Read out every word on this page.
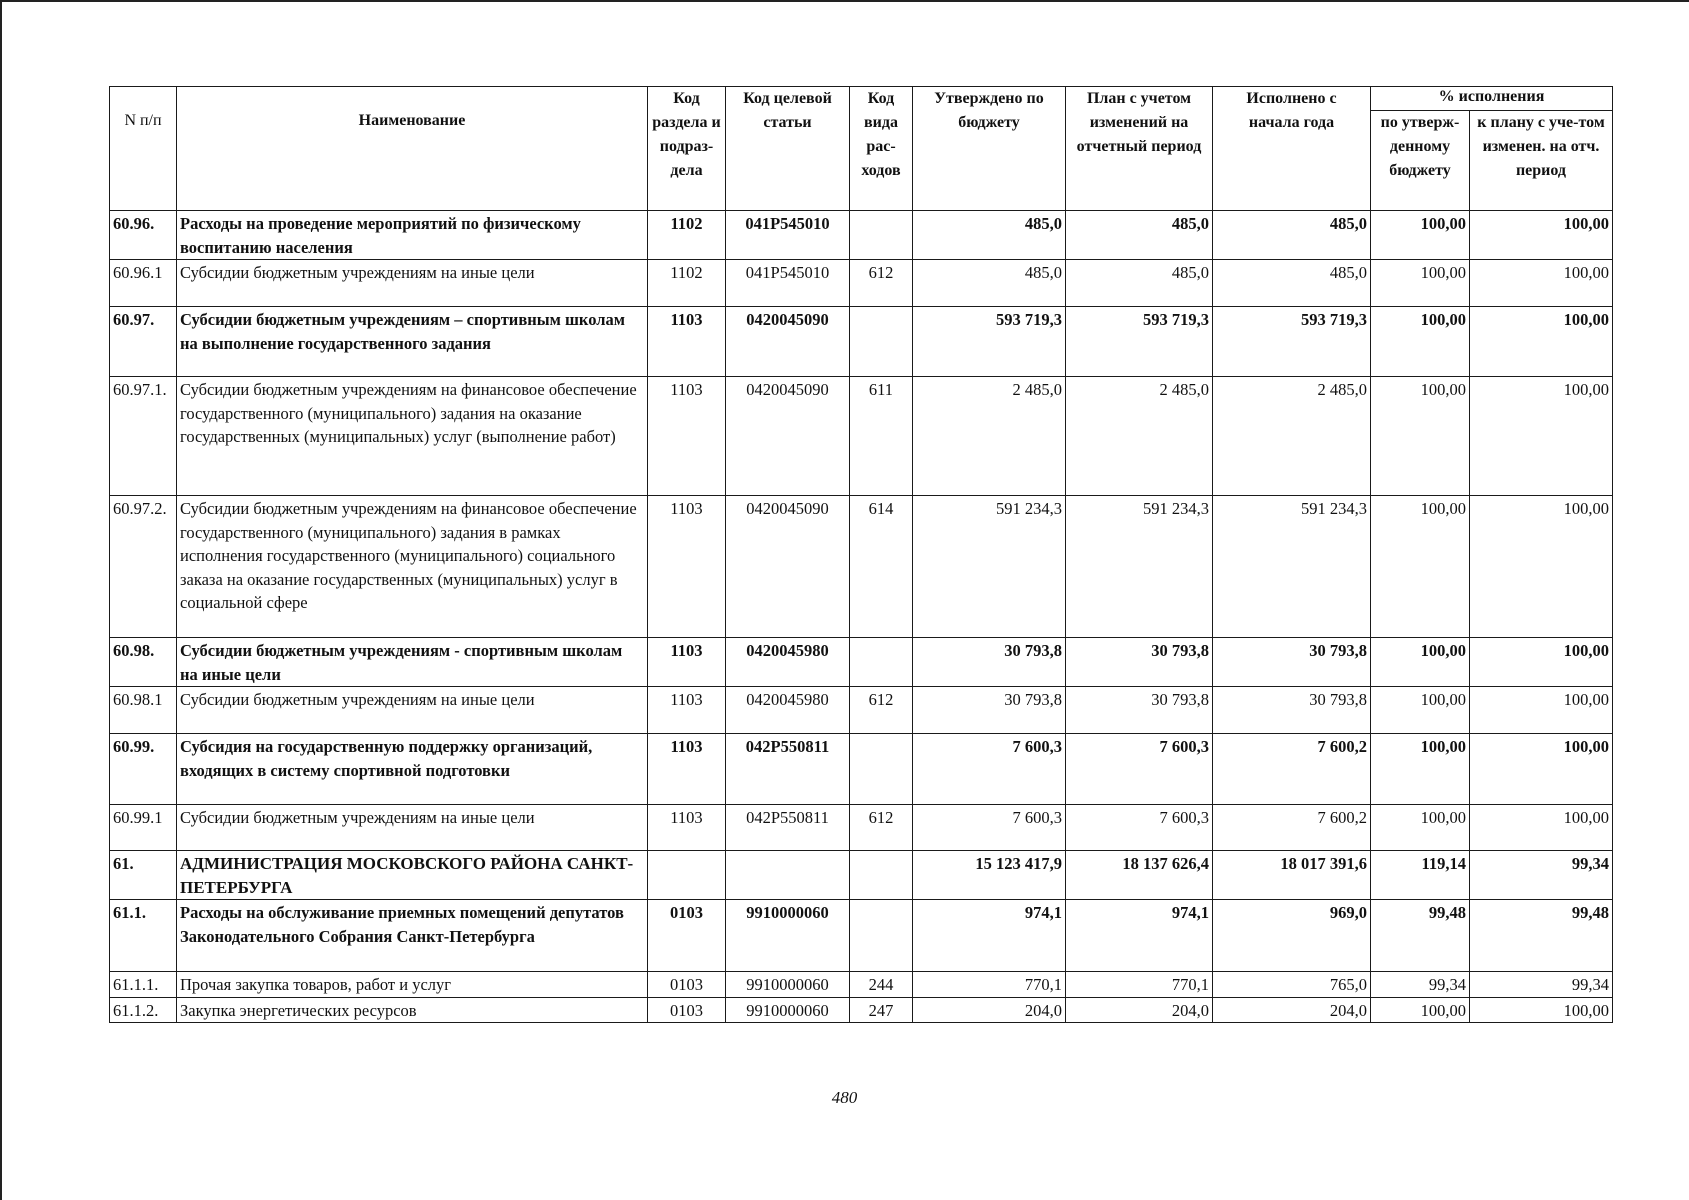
N п/п	Наименование	Код раздела и подраз-дела	Код целевой статьи	Код вида рас-ходов	Утверждено по бюджету	План с учетом изменений на отчетный период	Исполнено с начала года	% исполнения	
								по утверж-денному бюджету	к плану с уче-том изменен. на отч. период
60.96.	Расходы на проведение мероприятий по физическому воспитанию населения	1102	041P545010		485,0	485,0	485,0	100,00	100,00
60.96.1	Субсидии бюджетным учреждениям на иные цели	1102	041P545010	612	485,0	485,0	485,0	100,00	100,00
60.97.	Субсидии бюджетным учреждениям – спортивным школам на выполнение государственного задания	1103	0420045090		593 719,3	593 719,3	593 719,3	100,00	100,00
60.97.1.	Субсидии бюджетным учреждениям на финансовое обеспечение государственного (муниципального) задания на оказание государственных (муниципальных) услуг (выполнение работ)	1103	0420045090	611	2 485,0	2 485,0	2 485,0	100,00	100,00
60.97.2.	Субсидии бюджетным учреждениям на финансовое обеспечение государственного (муниципального) задания в рамках исполнения государственного (муниципального) социального заказа на оказание государственных (муниципальных) услуг в социальной сфере	1103	0420045090	614	591 234,3	591 234,3	591 234,3	100,00	100,00
60.98.	Субсидии бюджетным учреждениям - спортивным школам на иные цели	1103	0420045980		30 793,8	30 793,8	30 793,8	100,00	100,00
60.98.1	Субсидии бюджетным учреждениям на иные цели	1103	0420045980	612	30 793,8	30 793,8	30 793,8	100,00	100,00
60.99.	Субсидия на государственную поддержку организаций, входящих в систему спортивной подготовки	1103	042P550811		7 600,3	7 600,3	7 600,2	100,00	100,00
60.99.1	Субсидии бюджетным учреждениям на иные цели	1103	042P550811	612	7 600,3	7 600,3	7 600,2	100,00	100,00
61.	АДМИНИСТРАЦИЯ МОСКОВСКОГО РАЙОНА САНКТ-ПЕТЕРБУРГА				15 123 417,9	18 137 626,4	18 017 391,6	119,14	99,34
61.1.	Расходы на обслуживание приемных помещений депутатов Законодательного Собрания Санкт-Петербурга	0103	9910000060		974,1	974,1	969,0	99,48	99,48
61.1.1.	Прочая закупка товаров, работ и услуг	0103	9910000060	244	770,1	770,1	765,0	99,34	99,34
61.1.2.	Закупка энергетических ресурсов	0103	9910000060	247	204,0	204,0	204,0	100,00	100,00
480
